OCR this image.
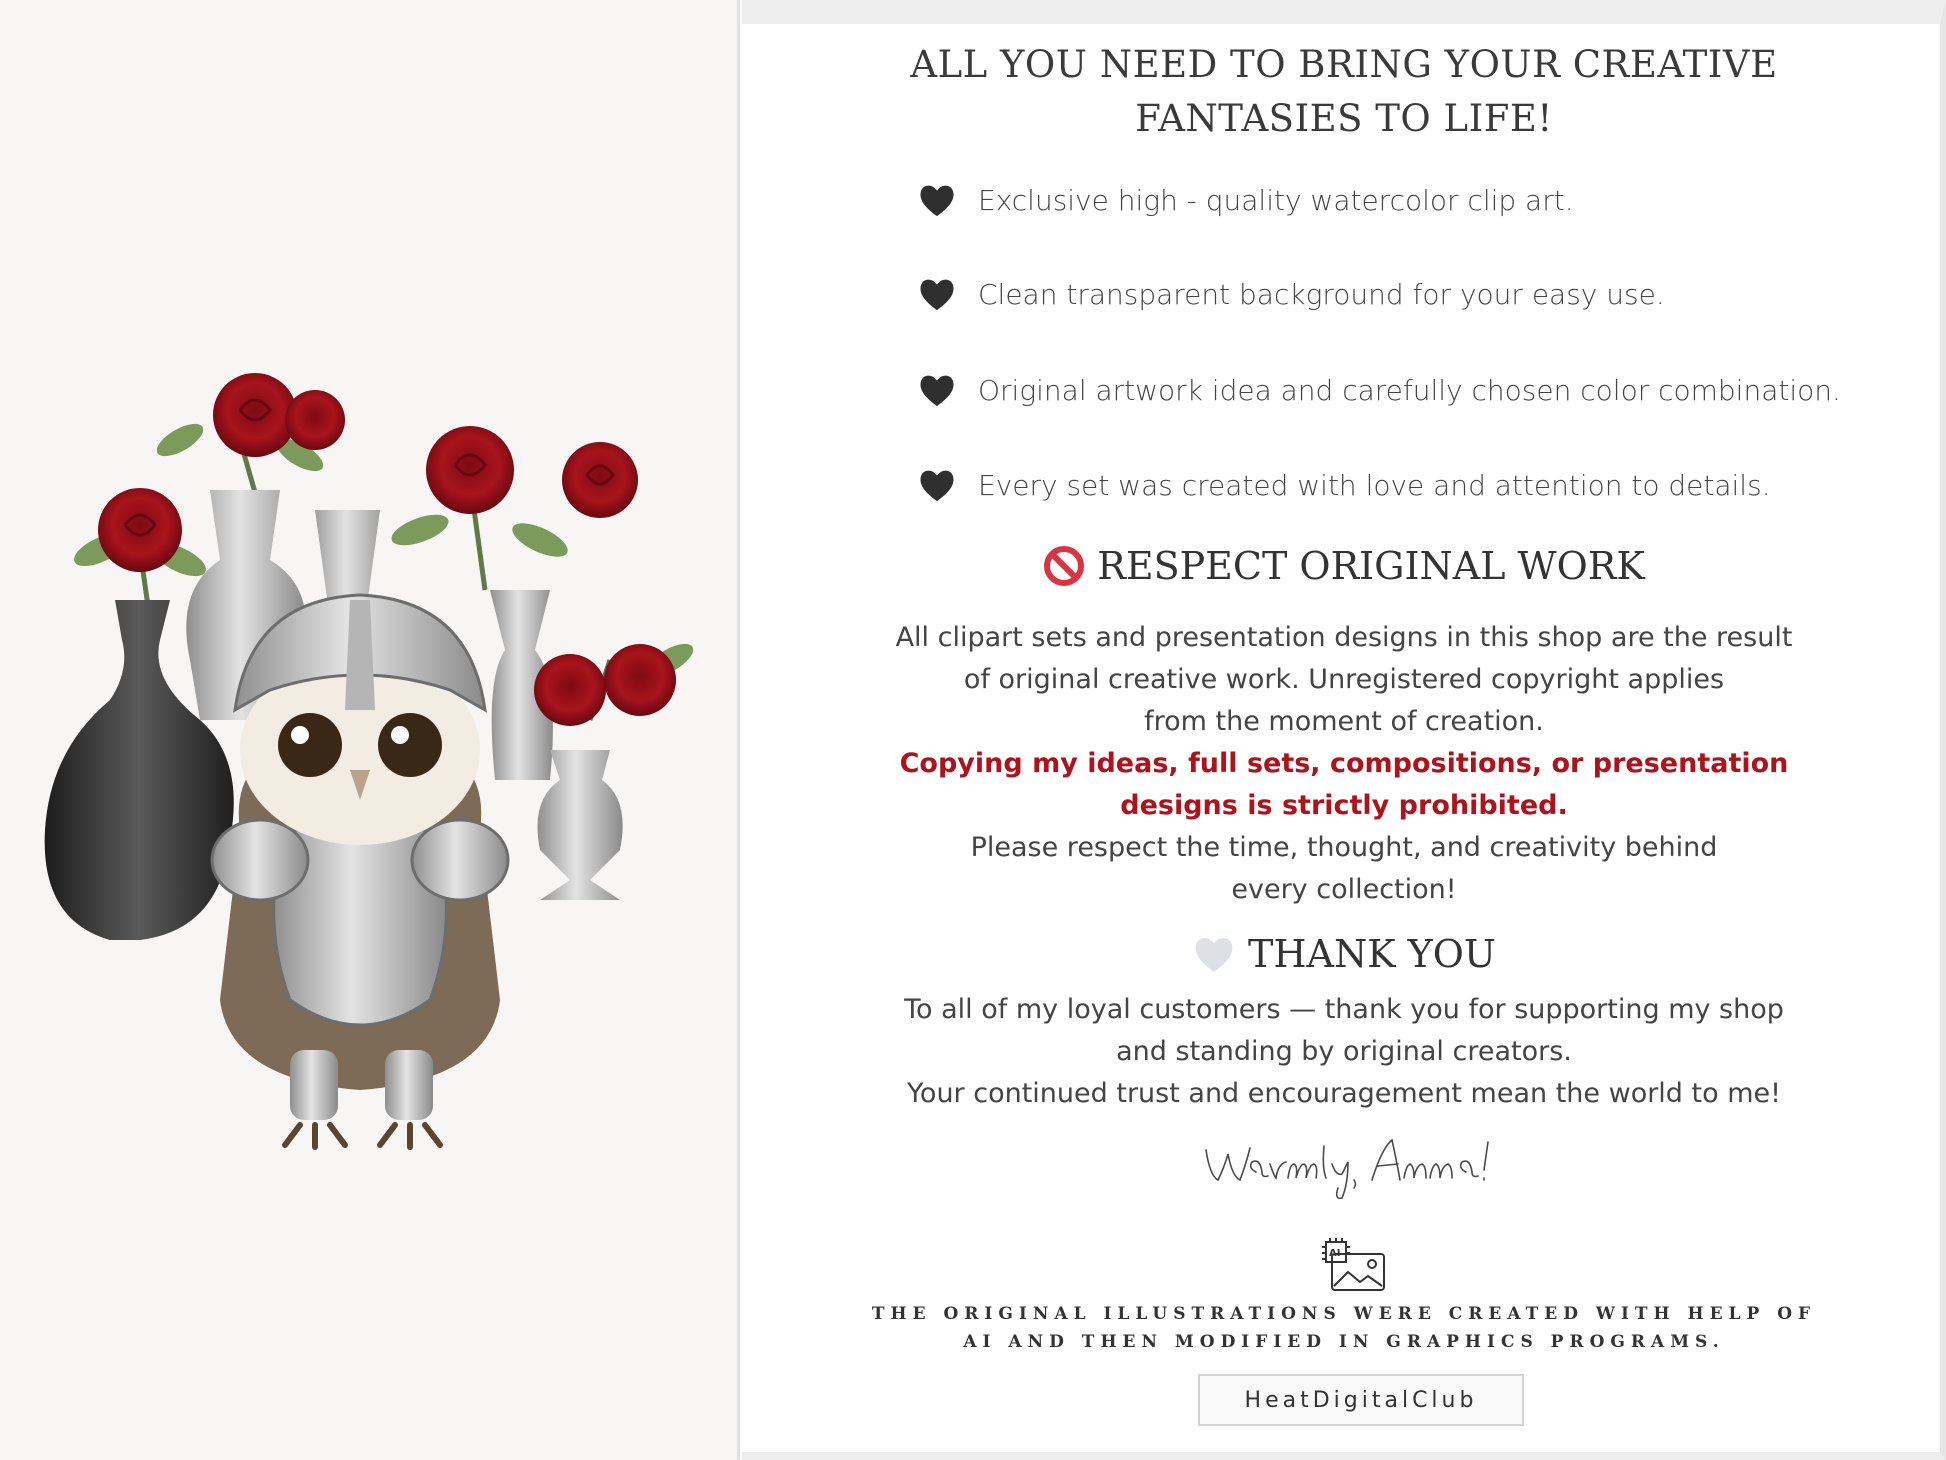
ALL YOU NEED TO BRING YOUR CREATIVE
FANTASIES TO LIFE!
Exclusive high - quality watercolor clip art.
Clean transparent background for your easy use.
Original artwork idea and carefully chosen color combination.
Every set was created with love and attention to details.
RESPECT ORIGINAL WORK
All clipart sets and presentation designs in this shop are the result
of original creative work. Unregistered copyright applies
from the moment of creation.
Copying my ideas, full sets, compositions, or presentation
designs is strictly prohibited.
Please respect the time, thought, and creativity behind
every collection!
THANK YOU
To all of my loyal customers — thank you for supporting my shop
and standing by original creators.
Your continued trust and encouragement mean the world to me!
AI
THE ORIGINAL ILLUSTRATIONS WERE CREATED WITH HELP OF
AI AND THEN MODIFIED IN GRAPHICS PROGRAMS.
HeatDigitalClub
